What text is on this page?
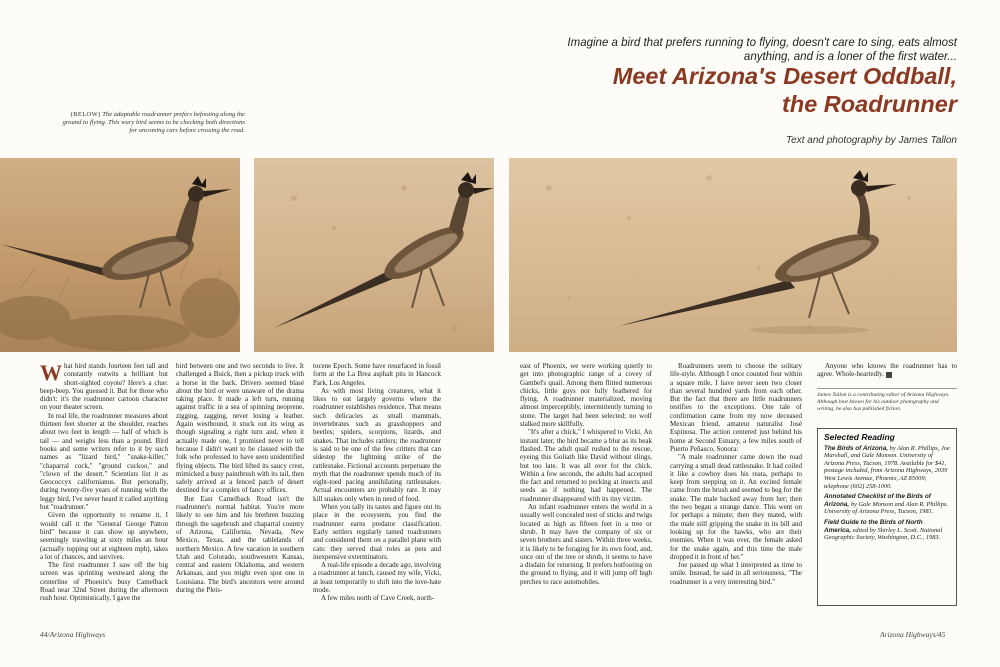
Imagine a bird that prefers running to flying, doesn't care to sing, eats almost anything, and is a loner of the first water...
Meet Arizona's Desert Oddball,
the Roadrunner
Text and photography by James Tallon
(BELOW) The adaptable roadrunner prefers befooting along the ground to flying. This wary bird seems to be checking both directions for oncoming cars before crossing the road.

What bird stands fourteen feet tall and constantly outwits a brilliant but short-sighted coyote? Here's a clue: beep-beep. You guessed it. But for those who didn't: it's the roadrunner cartoon character on your theater screen.

In real life, the roadrunner measures about thirteen feet shorter at the shoulder, reaches about two feet in length — half of which is tail — and weighs less than a pound. Bird books and some writers refer to it by such names as "lizard bird," "snake-killer," "chaparral cock," "ground cuckoo," and "clown of the desert." Scientists list it as Geococcyx californianus. But personally, during twenty-five years of running with the leggy bird, I've never heard it called anything but "roadrunner."

Given the opportunity to rename it, I would call it the "General George Patton bird" because it can show up anywhere, seemingly traveling at sixty miles an hour (actually topping out at eighteen mph), takes a lot of chances, and survives.

The first roadrunner I saw off the big screen was sprinting westward along the centerline of Phoenix's busy Camelback Road near 32nd Street during the afternoon rush hour. Optimistically, I gave the

bird between one and two seconds to live. It challenged a Buick, then a pickup truck with a horse in the back. Drivers seemed blasé about the bird or were unaware of the drama taking place. It made a left turn, running against traffic in a sea of spinning neoprene, zigging, zagging, never losing a feather. Again westbound, it stuck out its wing as though signaling a right turn and, when it actually made one, I promised never to tell because I didn't want to be classed with the folk who professed to have seen unidentified flying objects. The bird lifted its saucy crest, mimicked a busy paintbrush with its tail, then safely arrived at a fenced patch of desert destined for a complex of fancy offices.

But East Camelback Road isn't the roadrunner's normal habitat. You're more likely to see him and his brethren buzzing through the sagebrush and chaparral country of Arizona, California, Nevada, New Mexico, Texas, and the tablelands of northern Mexico. A few vacation in southern Utah and Colorado, southwestern Kansas, central and eastern Oklahoma, and western Arkansas, and you might even spot one in Louisiana. The bird's ancestors were around during the Pleis-

tocene Epoch. Some have resurfaced in fossil form at the La Brea asphalt pits in Hancock Park, Los Angeles.

As with most living creatures, what it likes to eat largely governs where the roadrunner establishes residence. That means such delicacies as small mammals, invertebrates such as grasshoppers and beetles; spiders, scorpions, lizards, and snakes. That includes rattlers; the roadrunner is said to be one of the few critters that can sidestep the lightning strike of the rattlesnake. Fictional accounts perpetuate the myth that the roadrunner spends much of its eight-toed pacing annihilating rattlesnakes. Actual encounters are probably rare. It may kill snakes only when in need of food.

When you tally its tastes and figure out its place in the ecosystem, you find the roadrunner earns predator classification. Early settlers regularly tamed roadrunners and considered them on a parallel plane with cats: they served dual roles as pets and inexpensive exterminators.

A real-life episode a decade ago, involving a roadrunner at lunch, caused my wife, Vicki, at least temporarily to shift into the love-hate mode.

A few miles north of Cave Creek, north-

east of Phoenix, we were working quietly to get into photographic range of a covey of Gambel's quail. Among them flitted numerous chicks, little guys not fully feathered for flying. A roadrunner materialized, moving almost imperceptibly, intermittently turning to stone. The target had been selected; no wolf stalked more skillfully.

"It's after a chick," I whispered to Vicki. An instant later, the bird became a blur as its beak flashed. The adult quail rushed to the rescue, eyeing this Goliath like David without slings, but too late. It was all over for the chick. Within a few seconds, the adults had accepted the fact and returned to pecking at insects and seeds as if nothing had happened. The roadrunner disappeared with its tiny victim.

An infant roadrunner enters the world in a usually well concealed nest of sticks and twigs located as high as fifteen feet in a tree or shrub. It may have the company of six or seven brothers and sisters. Within three weeks, it is likely to be foraging for its own food, and, once out of the tree or shrub, it seems to have a disdain for returning. It prefers hotfooting on the ground to flying, and it will jump off high perches to race automobiles.

Roadrunners seem to choose the solitary life-style. Although I once counted four within a square mile, I have never seen two closer than several hundred yards from each other. But the fact that there are little roadrunners testifies to the exceptions. One tale of confirmation came from my now deceased Mexican friend, amateur naturalist José Espinosa. The action centered just behind his home at Second Estuary, a few miles south of Puerto Peñasco, Sonora:

"A male roadrunner came down the road carrying a small dead rattlesnake. It had coiled it like a cowboy does his reata, perhaps to keep from stepping on it. An excited female came from the brush and seemed to beg for the snake. The male backed away from her; then the two began a strange dance. This went on for perhaps a minute; then they mated, with the male still gripping the snake in its bill and looking up for the hawks, who are their enemies. When it was over, the female asked for the snake again, and this time the male dropped it in front of her."

Joe passed up what I interpreted as time to smile. Instead, he said in all seriousness, "The roadrunner is a very interesting bird."

Anyone who knows the roadrunner has to agree. Whole-heartedly.

James Tallon is a contributing editor of Arizona Highways. Although best known for his outdoor photography and writing, he also has published fiction.
Selected Reading

The Birds of Arizona, by Alan R. Phillips, Joe Marshall, and Gale Monson. University of Arizona Press, Tucson, 1978. Available for $41, postage included, from Arizona Highways, 2039 West Lewis Avenue, Phoenix, AZ 85009; telephone (602) 258-1000.

Annotated Checklist of the Birds of Arizona, by Gale Monson and Alan R. Phillips. University of Arizona Press, Tucson, 1981.

Field Guide to the Birds of North America, edited by Shirley L. Scott. National Geographic Society, Washington, D.C., 1983.

44/Arizona Highways	Arizona Highways/45
